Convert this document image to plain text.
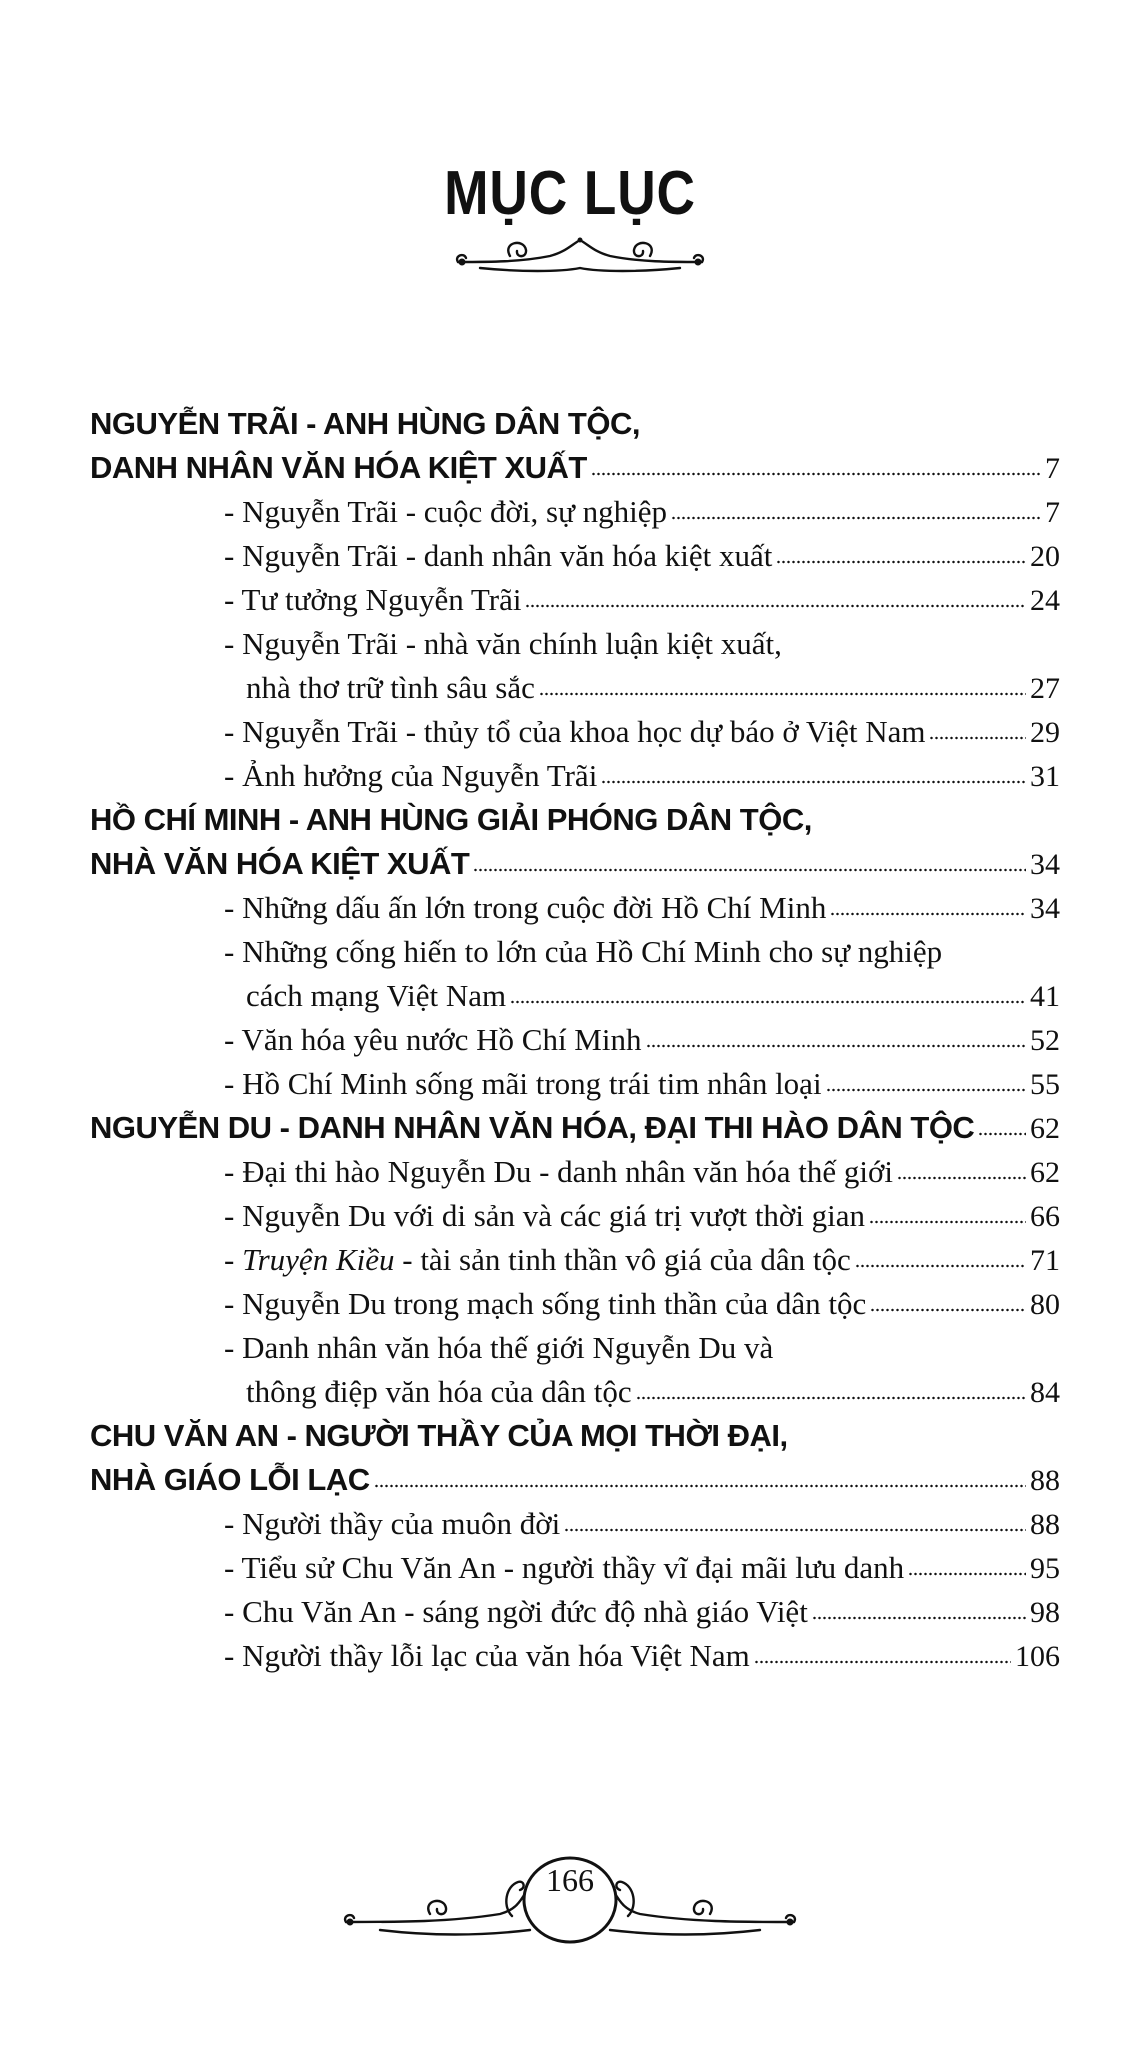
MỤC LỤC
NGUYỄN TRÃI - ANH HÙNG DÂN TỘC,
DANH NHÂN VĂN HÓA KIỆT XUẤT	7
- Nguyễn Trãi - cuộc đời, sự nghiệp	7
- Nguyễn Trãi - danh nhân văn hóa kiệt xuất	20
- Tư tưởng Nguyễn Trãi	24
- Nguyễn Trãi - nhà văn chính luận kiệt xuất,
nhà thơ trữ tình sâu sắc	27
- Nguyễn Trãi - thủy tổ của khoa học dự báo ở Việt Nam	29
- Ảnh hưởng của Nguyễn Trãi	31
HỒ CHÍ MINH - ANH HÙNG GIẢI PHÓNG DÂN TỘC,
NHÀ VĂN HÓA KIỆT XUẤT	34
- Những dấu ấn lớn trong cuộc đời Hồ Chí Minh	34
- Những cống hiến to lớn của Hồ Chí Minh cho sự nghiệp
cách mạng Việt Nam	41
- Văn hóa yêu nước Hồ Chí Minh	52
- Hồ Chí Minh sống mãi trong trái tim nhân loại	55
NGUYỄN DU - DANH NHÂN VĂN HÓA, ĐẠI THI HÀO DÂN TỘC 62
- Đại thi hào Nguyễn Du - danh nhân văn hóa thế giới	62
- Nguyễn Du với di sản và các giá trị vượt thời gian	66
- Truyện Kiều - tài sản tinh thần vô giá của dân tộc	71
- Nguyễn Du trong mạch sống tinh thần của dân tộc	80
- Danh nhân văn hóa thế giới Nguyễn Du và
thông điệp văn hóa của dân tộc	84
CHU VĂN AN - NGƯỜI THẦY CỦA MỌI THỜI ĐẠI,
NHÀ GIÁO LỖI LẠC	88
- Người thầy của muôn đời	88
- Tiểu sử Chu Văn An - người thầy vĩ đại mãi lưu danh	95
- Chu Văn An - sáng ngời đức độ nhà giáo Việt	98
- Người thầy lỗi lạc của văn hóa Việt Nam	106
166
